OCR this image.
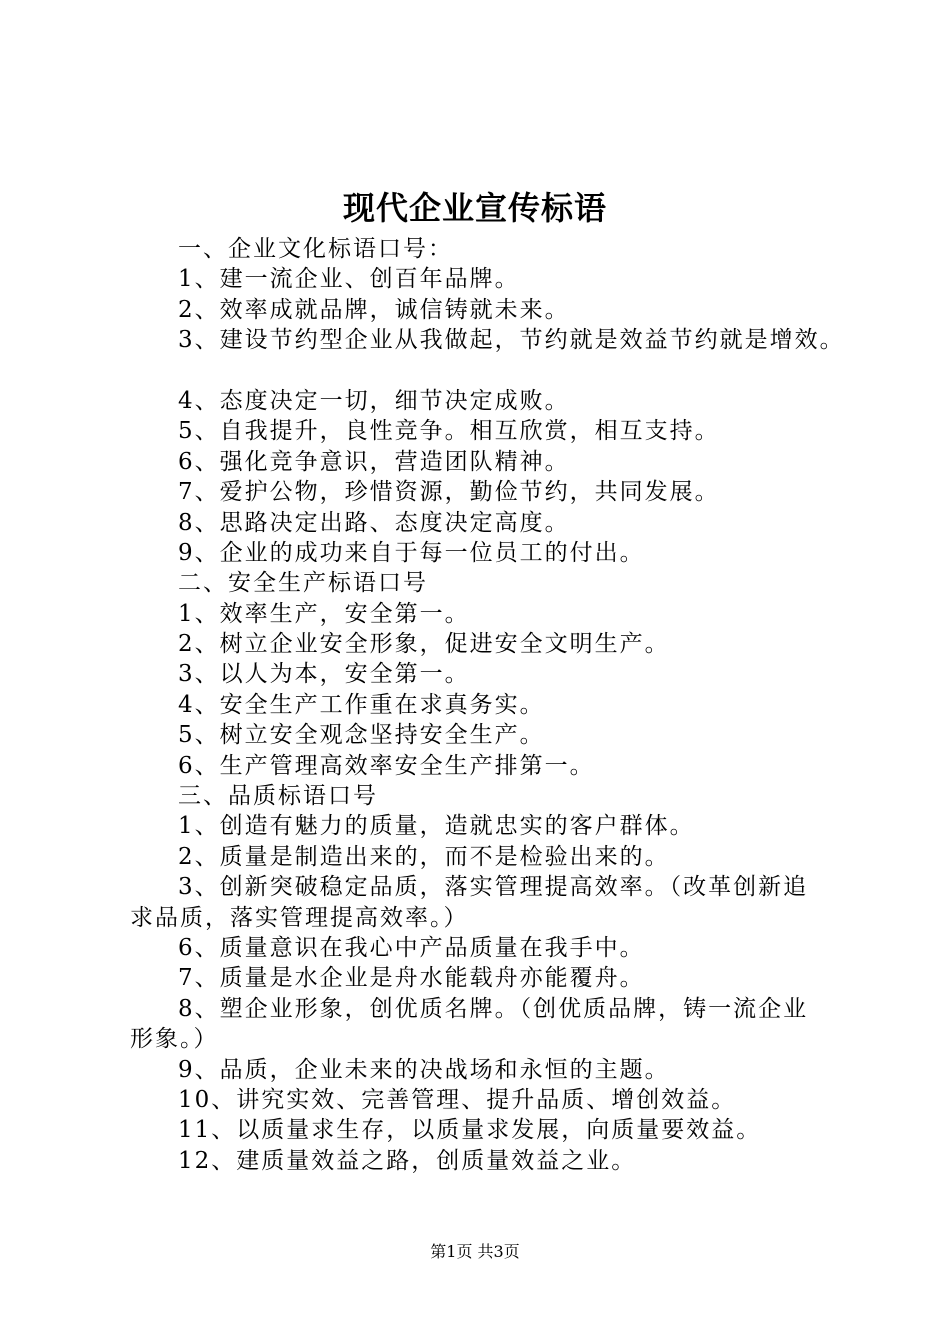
现代企业宣传标语
一、企业文化标语口号：
1、建一流企业、创百年品牌。
2、效率成就品牌，诚信铸就未来。
3、建设节约型企业从我做起，节约就是效益节约就是增效。
4、态度决定一切，细节决定成败。
5、自我提升，良性竞争。相互欣赏，相互支持。
6、强化竞争意识，营造团队精神。
7、爱护公物，珍惜资源，勤俭节约，共同发展。
8、思路决定出路、态度决定高度。
9、企业的成功来自于每一位员工的付出。
二、安全生产标语口号
1、效率生产，安全第一。
2、树立企业安全形象，促进安全文明生产。
3、以人为本，安全第一。
4、安全生产工作重在求真务实。
5、树立安全观念坚持安全生产。
6、生产管理高效率安全生产排第一。
三、品质标语口号
1、创造有魅力的质量，造就忠实的客户群体。
2、质量是制造出来的，而不是检验出来的。
3、创新突破稳定品质，落实管理提高效率。（改革创新追
求品质，落实管理提高效率。）
6、质量意识在我心中产品质量在我手中。
7、质量是水企业是舟水能载舟亦能覆舟。
8、塑企业形象，创优质名牌。（创优质品牌，铸一流企业
形象。）
9、品质，企业未来的决战场和永恒的主题。
10、讲究实效、完善管理、提升品质、增创效益。
11、以质量求生存，以质量求发展，向质量要效益。
12、建质量效益之路，创质量效益之业。
第1页 共3页
